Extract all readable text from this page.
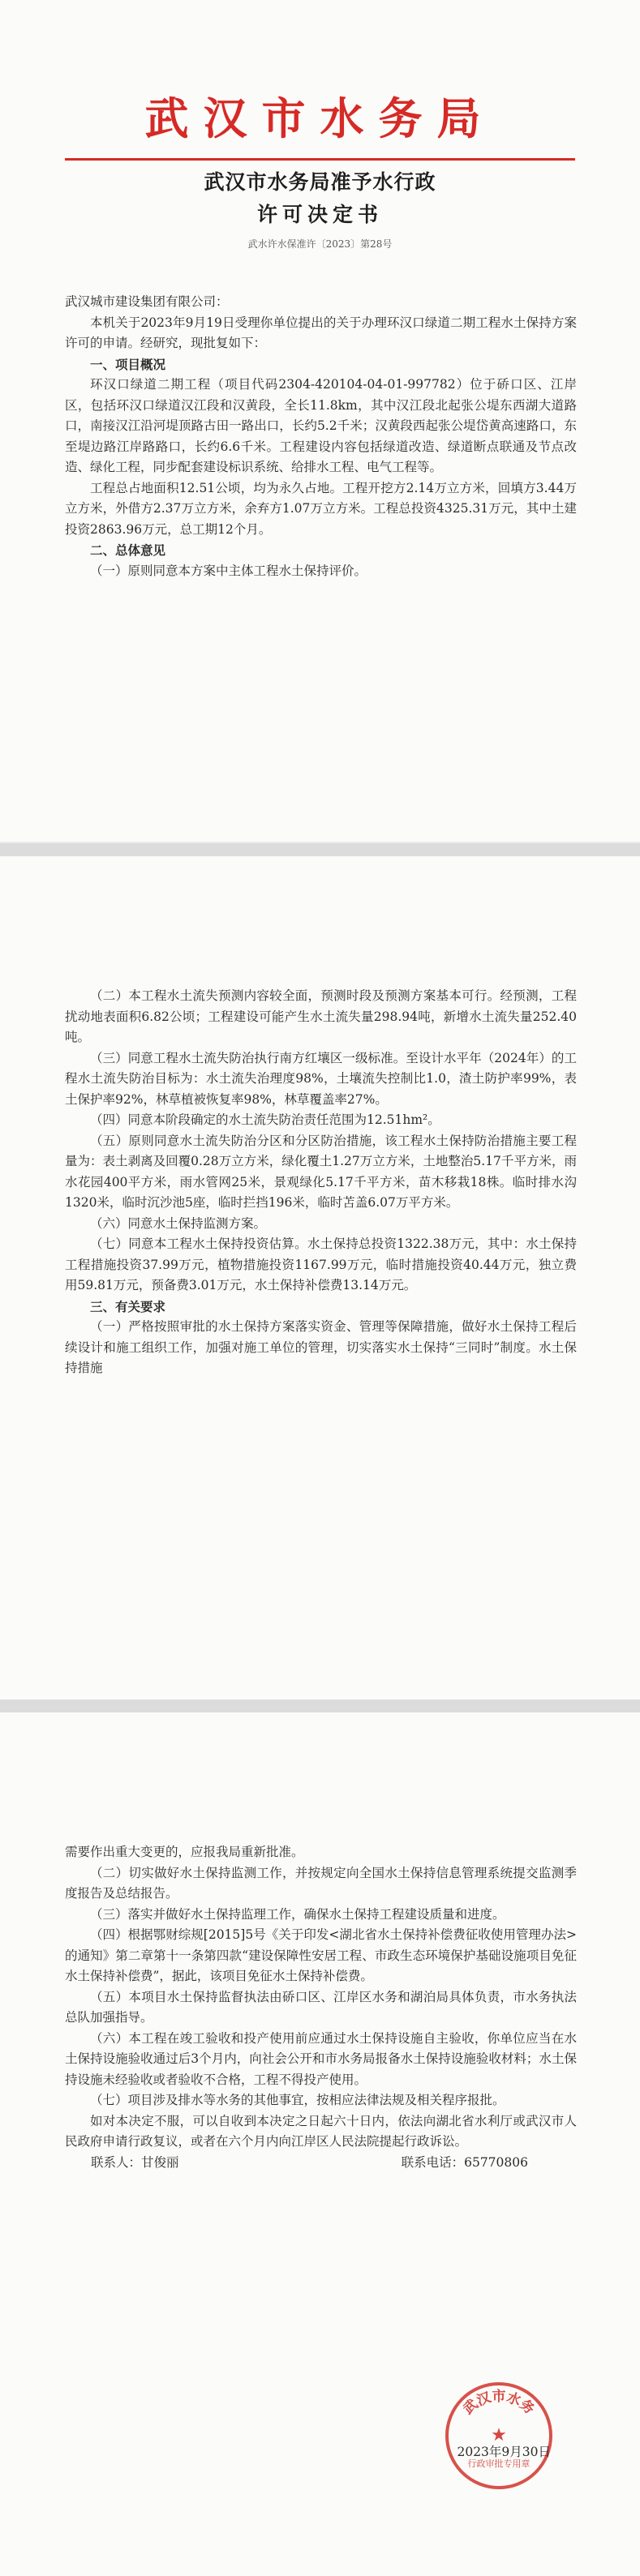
武汉市水务局
武汉市水务局准予水行政
许可决定书
武水许水保准许〔2023〕第28号

武汉城市建设集团有限公司：

本机关于2023年9月19日受理你单位提出的关于办理环汉口绿道二期工程水土保持方案许可的申请。经研究，现批复如下：

一、项目概况

环汉口绿道二期工程（项目代码2304-420104-04-01-997782）位于硚口区、江岸区，包括环汉口绿道汉江段和汉黄段，全长11.8km，其中汉江段北起张公堤东西湖大道路口，南接汉江沿河堤顶路古田一路出口，长约5.2千米；汉黄段西起张公堤岱黄高速路口，东至堤边路江岸路路口，长约6.6千米。工程建设内容包括绿道改造、绿道断点联通及节点改造、绿化工程，同步配套建设标识系统、给排水工程、电气工程等。

工程总占地面积12.51公顷，均为永久占地。工程开挖方2.14万立方米，回填方3.44万立方米，外借方2.37万立方米，余弃方1.07万立方米。工程总投资4325.31万元，其中土建投资2863.96万元，总工期12个月。

二、总体意见

（一）原则同意本方案中主体工程水土保持评价。

（二）本工程水土流失预测内容较全面，预测时段及预测方案基本可行。经预测，工程扰动地表面积6.82公顷；工程建设可能产生水土流失量298.94吨，新增水土流失量252.40吨。

（三）同意工程水土流失防治执行南方红壤区一级标准。至设计水平年（2024年）的工程水土流失防治目标为：水土流失治理度98%，土壤流失控制比1.0，渣土防护率99%，表土保护率92%，林草植被恢复率98%，林草覆盖率27%。

（四）同意本阶段确定的水土流失防治责任范围为12.51hm²。

（五）原则同意水土流失防治分区和分区防治措施，该工程水土保持防治措施主要工程量为：表土剥离及回覆0.28万立方米，绿化覆土1.27万立方米，土地整治5.17千平方米，雨水花园400平方米，雨水管网25米，景观绿化5.17千平方米，苗木移栽18株。临时排水沟1320米，临时沉沙池5座，临时拦挡196米，临时苫盖6.07万平方米。

（六）同意水土保持监测方案。

（七）同意本工程水土保持投资估算。水土保持总投资1322.38万元，其中：水土保持工程措施投资37.99万元，植物措施投资1167.99万元，临时措施投资40.44万元，独立费用59.81万元，预备费3.01万元，水土保持补偿费13.14万元。

三、有关要求

（一）严格按照审批的水土保持方案落实资金、管理等保障措施，做好水土保持工程后续设计和施工组织工作，加强对施工单位的管理，切实落实水土保持“三同时”制度。水土保持措施

需要作出重大变更的，应报我局重新批准。

（二）切实做好水土保持监测工作，并按规定向全国水土保持信息管理系统提交监测季度报告及总结报告。

（三）落实并做好水土保持监理工作，确保水土保持工程建设质量和进度。

（四）根据鄂财综规[2015]5号《关于印发<湖北省水土保持补偿费征收使用管理办法>的通知》第二章第十一条第四款“建设保障性安居工程、市政生态环境保护基础设施项目免征水土保持补偿费”，据此，该项目免征水土保持补偿费。

（五）本项目水土保持监督执法由硚口区、江岸区水务和湖泊局具体负责，市水务执法总队加强指导。

（六）本工程在竣工验收和投产使用前应通过水土保持设施自主验收，你单位应当在水土保持设施验收通过后3个月内，向社会公开和市水务局报备水土保持设施验收材料；水土保持设施未经验收或者验收不合格，工程不得投产使用。

（七）项目涉及排水等水务的其他事宜，按相应法律法规及相关程序报批。

如对本决定不服，可以自收到本决定之日起六十日内，依法向湖北省水利厅或武汉市人民政府申请行政复议，或者在六个月内向江岸区人民法院提起行政诉讼。

联系人：甘俊丽	联系电话：65770806

武汉市水务
★
行政审批专用章
2023年9月30日
